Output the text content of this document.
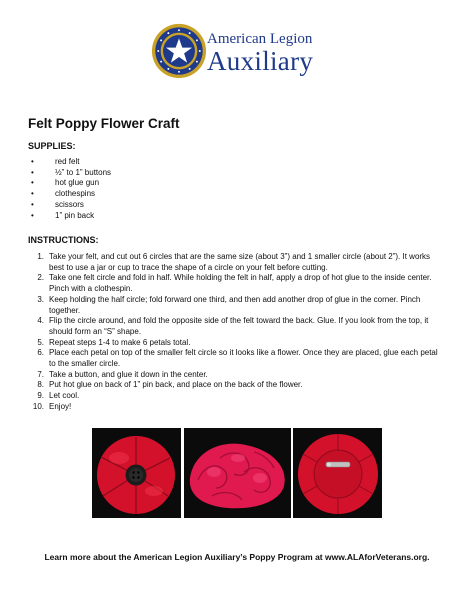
American Legion
Auxiliary
Felt Poppy Flower Craft
SUPPLIES:
•	red felt
•	½” to 1” buttons
•	hot glue gun
•	clothespins
•	scissors
•	1” pin back
INSTRUCTIONS:
1. Take your felt, and cut out 6 circles that are the same size (about 3”) and 1 smaller circle (about 2”). It works best to use a jar or cup to trace the shape of a circle on your felt before cutting.
2. Take one felt circle and fold in half. While holding the felt in half, apply a drop of hot glue to the inside center. Pinch with a clothespin.
3. Keep holding the half circle; fold forward one third, and then add another drop of glue in the corner. Pinch together.
4. Flip the circle around, and fold the opposite side of the felt toward the back. Glue. If you look from the top, it should form an “S” shape.
5. Repeat steps 1-4 to make 6 petals total.
6. Place each petal on top of the smaller felt circle so it looks like a flower. Once they are placed, glue each petal to the smaller circle.
7. Take a button, and glue it down in the center.
8. Put hot glue on back of 1” pin back, and place on the back of the flower.
9. Let cool.
10. Enjoy!

Learn more about the American Legion Auxiliary’s Poppy Program at www.ALAforVeterans.org.
